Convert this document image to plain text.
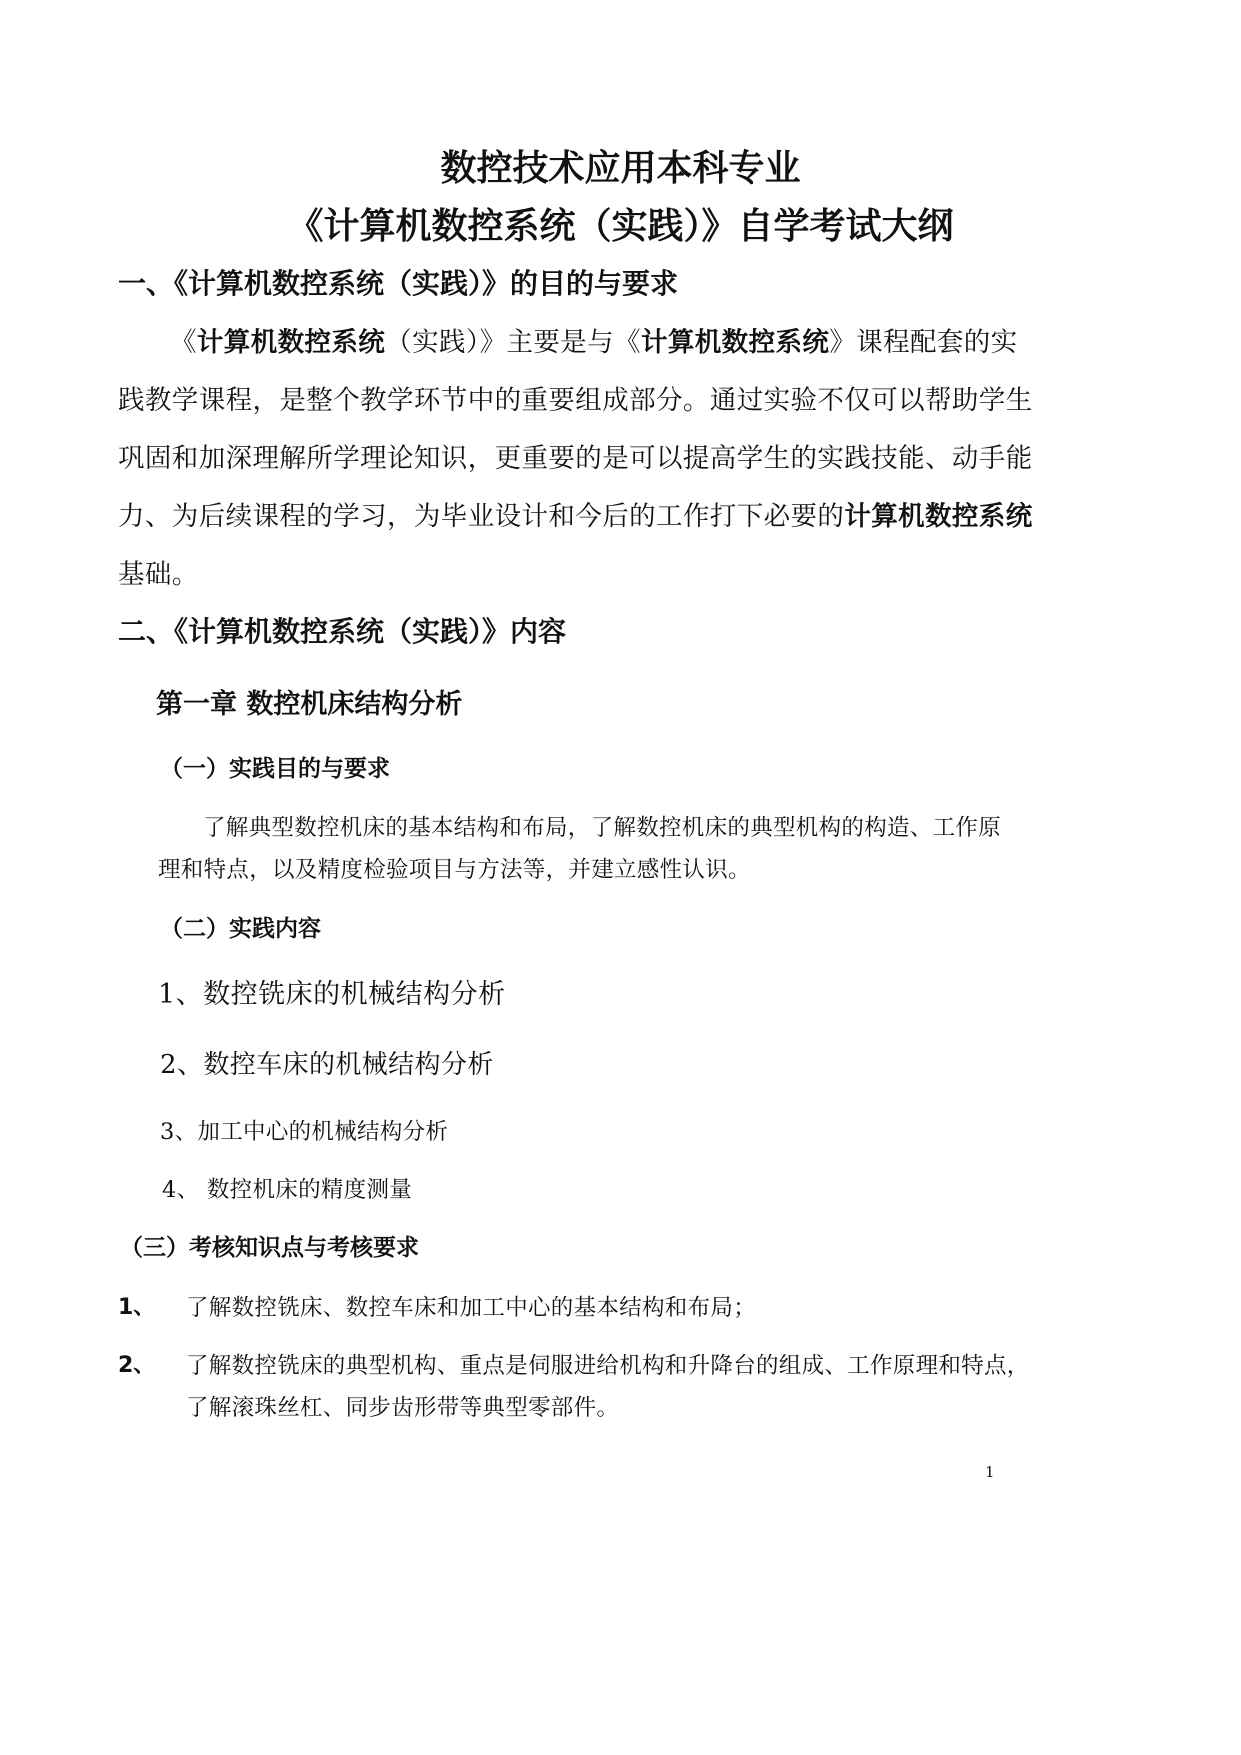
数控技术应用本科专业
《计算机数控系统（实践）》自学考试大纲
一、《计算机数控系统（实践）》的目的与要求
《计算机数控系统（实践）》主要是与《计算机数控系统》课程配套的实
践教学课程，是整个教学环节中的重要组成部分。通过实验不仅可以帮助学生
巩固和加深理解所学理论知识，更重要的是可以提高学生的实践技能、动手能
力、为后续课程的学习，为毕业设计和今后的工作打下必要的计算机数控系统
基础。
二、《计算机数控系统（实践）》内容
第一章 数控机床结构分析
（一）实践目的与要求
了解典型数控机床的基本结构和布局，了解数控机床的典型机构的构造、工作原
理和特点，以及精度检验项目与方法等，并建立感性认识。
（二）实践内容
1、数控铣床的机械结构分析
2、数控车床的机械结构分析
3、加工中心的机械结构分析
4、 数控机床的精度测量
（三）考核知识点与考核要求
1、 了解数控铣床、数控车床和加工中心的基本结构和布局；
2、 了解数控铣床的典型机构、重点是伺服进给机构和升降台的组成、工作原理和特点，
了解滚珠丝杠、同步齿形带等典型零部件。
1
